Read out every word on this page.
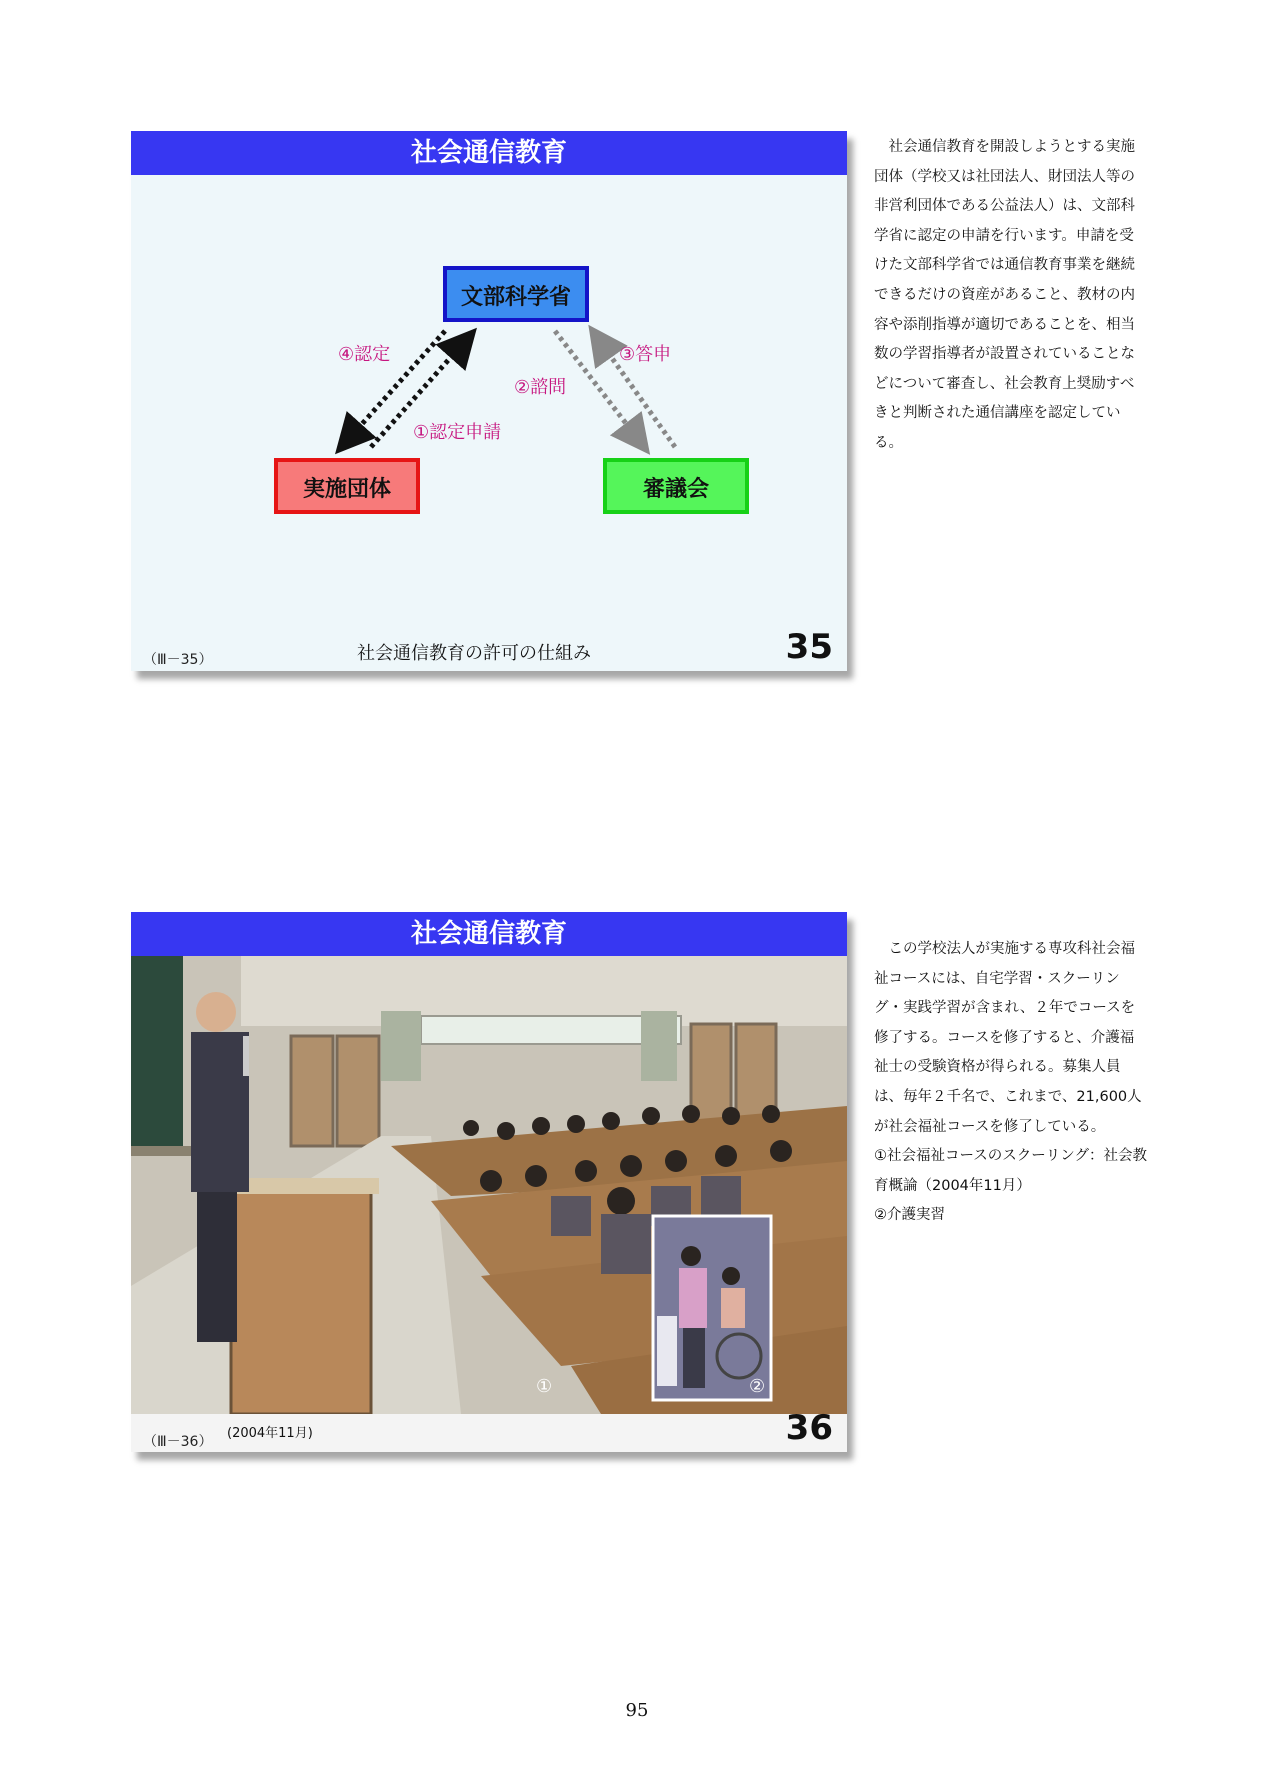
社会通信教育
文部科学省
実施団体	審議会
④認定
①認定申請
②諮問
③答申
（Ⅲ－35）	社会通信教育の許可の仕組み	35

社会通信教育を開設しようとする実施団体（学校又は社団法人、財団法人等の非営利団体である公益法人）は、文部科学省に認定の申請を行います。申請を受けた文部科学省では通信教育事業を継続できるだけの資産があること、教材の内容や添削指導が適切であることを、相当数の学習指導者が設置されていることなどについて審査し、社会教育上奨励すべきと判断された通信講座を認定している。

社会通信教育
①	②
（Ⅲ－36）
(2004年11月)	36

この学校法人が実施する専攻科社会福祉コースには、自宅学習・スクーリング・実践学習が含まれ、２年でコースを修了する。コースを修了すると、介護福祉士の受験資格が得られる。募集人員は、毎年２千名で、これまで、21,600人が社会福祉コースを修了している。

①社会福祉コースのスクーリング：社会教育概論（2004年11月）

②介護実習

95
